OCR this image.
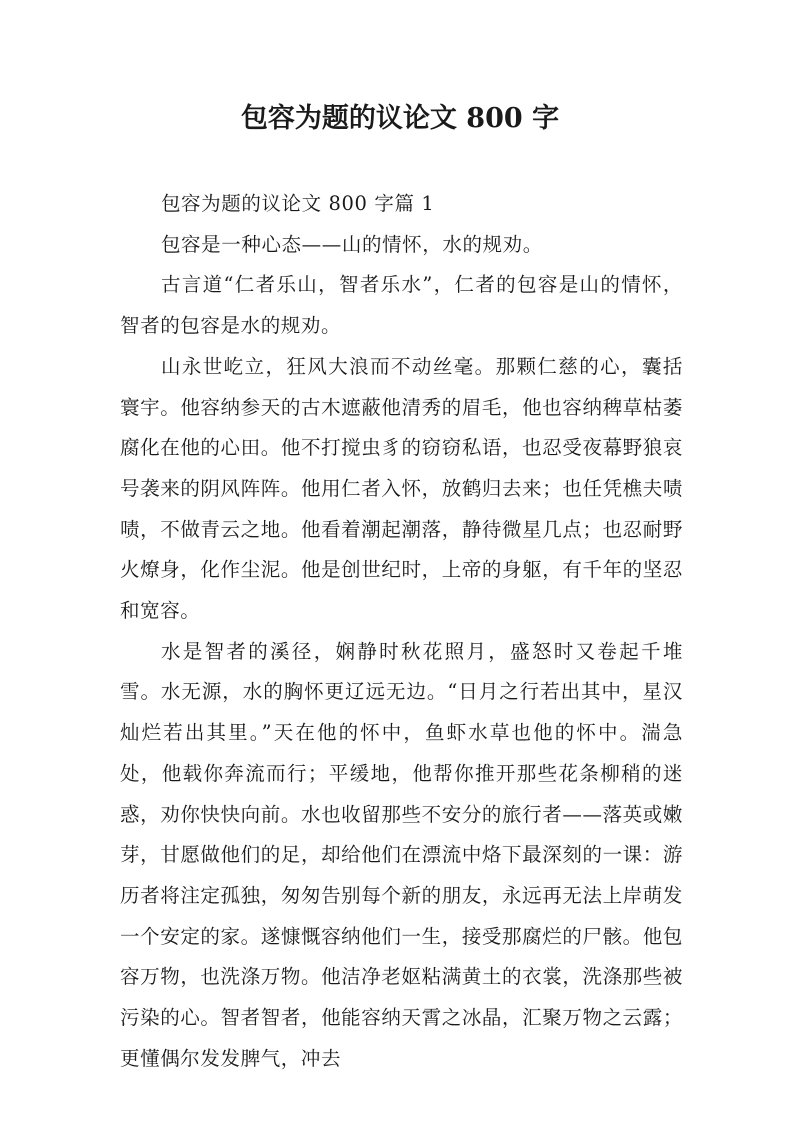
包容为题的议论文 800 字

包容为题的议论文 800 字篇 1

包容是一种心态——山的情怀，水的规劝。

古言道“仁者乐山，智者乐水”，仁者的包容是山的情怀，智者的包容是水的规劝。

山永世屹立，狂风大浪而不动丝毫。那颗仁慈的心，囊括寰宇。他容纳参天的古木遮蔽他清秀的眉毛，他也容纳稗草枯萎腐化在他的心田。他不打搅虫豸的窃窃私语，也忍受夜幕野狼哀号袭来的阴风阵阵。他用仁者入怀，放鹤归去来；也任凭樵夫啧啧，不做青云之地。他看着潮起潮落，静待微星几点；也忍耐野火燎身，化作尘泥。他是创世纪时，上帝的身躯，有千年的坚忍和宽容。

水是智者的溪径，娴静时秋花照月，盛怒时又卷起千堆雪。水无源，水的胸怀更辽远无边。“日月之行若出其中，星汉灿烂若出其里。”天在他的怀中，鱼虾水草也他的怀中。湍急处，他载你奔流而行；平缓地，他帮你推开那些花条柳稍的迷惑，劝你快快向前。水也收留那些不安分的旅行者——落英或嫩芽，甘愿做他们的足，却给他们在漂流中烙下最深刻的一课：游历者将注定孤独，匆匆告别每个新的朋友，永远再无法上岸萌发一个安定的家。遂慷慨容纳他们一生，接受那腐烂的尸骸。他包容万物，也洗涤万物。他洁净老妪粘满黄土的衣裳，洗涤那些被污染的心。智者智者，他能容纳天霄之冰晶，汇聚万物之云露；更懂偶尔发发脾气，冲去
